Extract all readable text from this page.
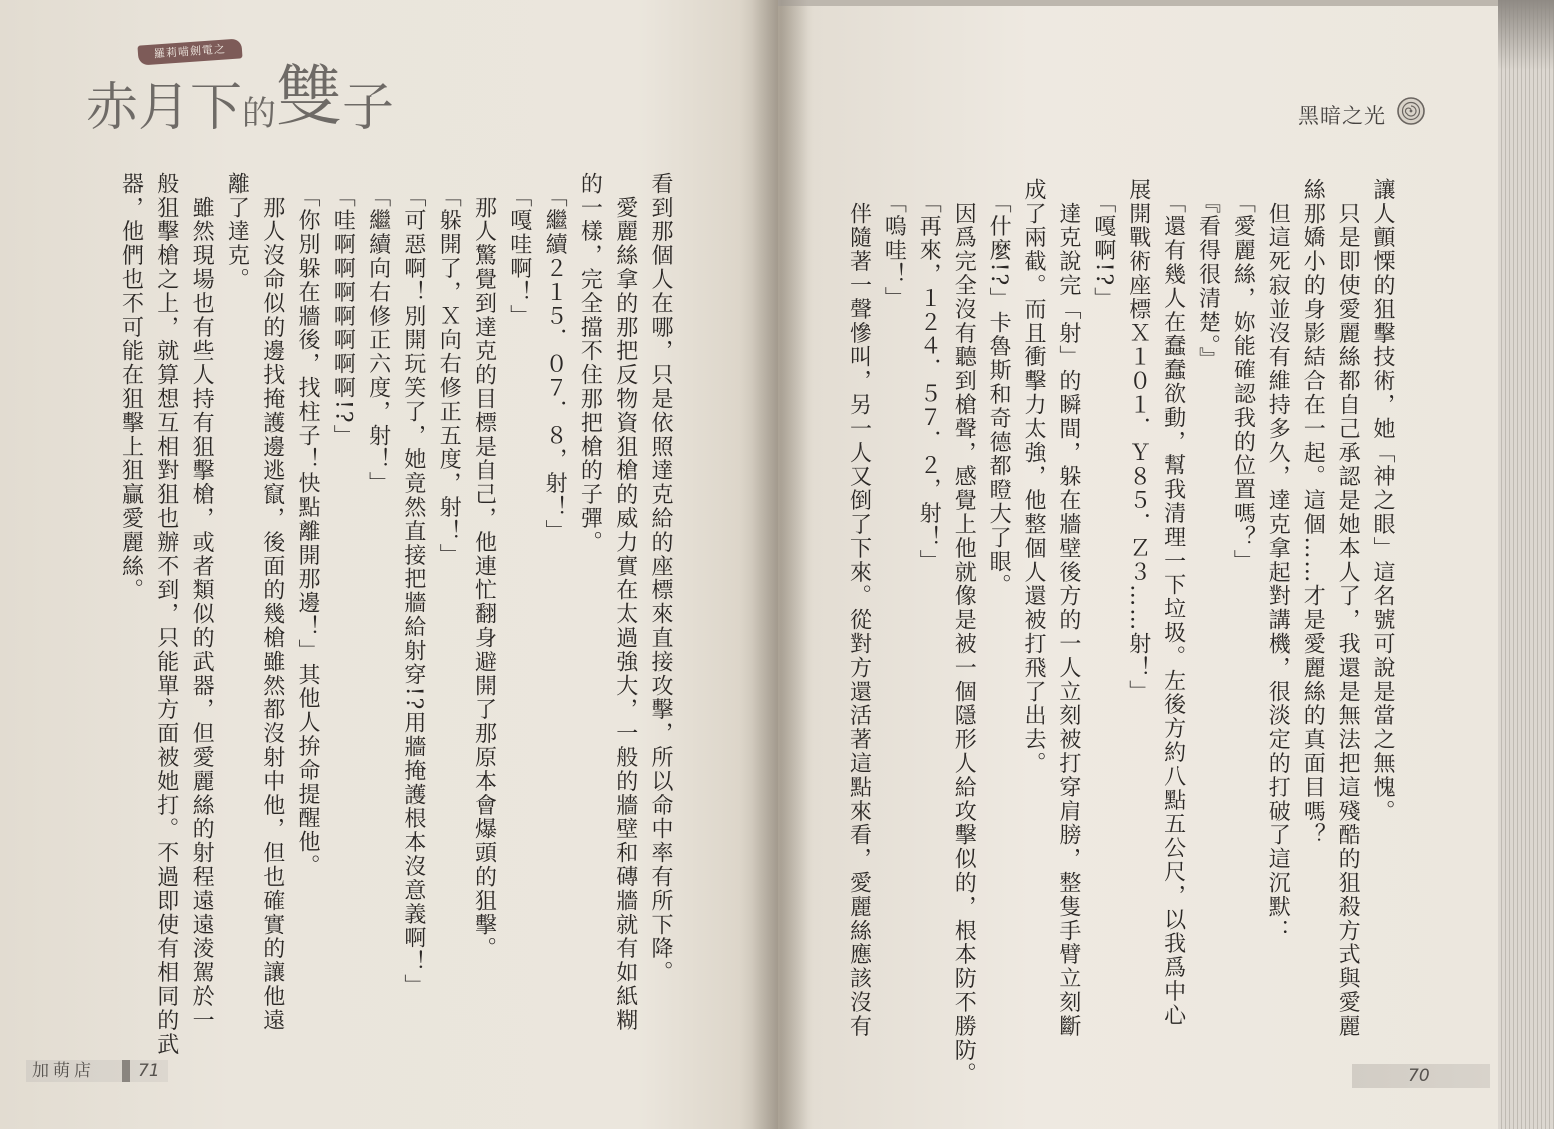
羅莉喵劍電之
赤月下的雙子	黑暗之光
看到那個人在哪，只是依照達克給的座標來直接攻擊，所以命中率有所下降。
　愛麗絲拿的那把反物資狙槍的威力實在太過強大，一般的牆壁和磚牆就有如紙糊
的一樣，完全擋不住那把槍的子彈。
　「繼續２１５．０７．８，射！」
　「嘎哇啊！」
　那人驚覺到達克的目標是自己，他連忙翻身避開了那原本會爆頭的狙擊。
　「躲開了，Ｘ向右修正五度，射！」
　「可惡啊！別開玩笑了，她竟然直接把牆給射穿!?用牆掩護根本沒意義啊！」
　「繼續向右修正六度，射！」
　「哇啊啊啊啊啊啊啊!?」
　「你別躲在牆後，找柱子！快點離開那邊！」其他人拚命提醒他。
　那人沒命似的邊找掩護邊逃竄，後面的幾槍雖然都沒射中他，但也確實的讓他遠
離了達克。
　雖然現場也有些人持有狙擊槍，或者類似的武器，但愛麗絲的射程遠遠淩駕於一
般狙擊槍之上，就算想互相對狙也辦不到，只能單方面被她打。不過即使有相同的武
器，他們也不可能在狙擊上狙贏愛麗絲。	讓人顫慄的狙擊技術，她「神之眼」這名號可說是當之無愧。
　只是即使愛麗絲都自己承認是她本人了，我還是無法把這殘酷的狙殺方式與愛麗
絲那嬌小的身影結合在一起。這個……才是愛麗絲的真面目嗎？
　但這死寂並沒有維持多久，達克拿起對講機，很淡定的打破了這沉默：
　「愛麗絲，妳能確認我的位置嗎？」
　『看得很清楚。』
　「還有幾人在蠢蠢欲動，幫我清理一下垃圾。左後方約八點五公尺，以我爲中心
展開戰術座標Ｘ１０１．Ｙ８５．Ｚ３……射！」
　「嘎啊!?」
　達克說完「射」的瞬間，躲在牆壁後方的一人立刻被打穿肩膀，整隻手臂立刻斷
成了兩截。而且衝擊力太強，他整個人還被打飛了出去。
　「什麼!?」卡魯斯和奇德都瞪大了眼。
　因爲完全沒有聽到槍聲，感覺上他就像是被一個隱形人給攻擊似的，根本防不勝防。
　「再來，１２４．５７．２，射！」
　「嗚哇！」
　伴隨著一聲慘叫，另一人又倒了下來。從對方還活著這點來看，愛麗絲應該沒有
加萌店	71	70
